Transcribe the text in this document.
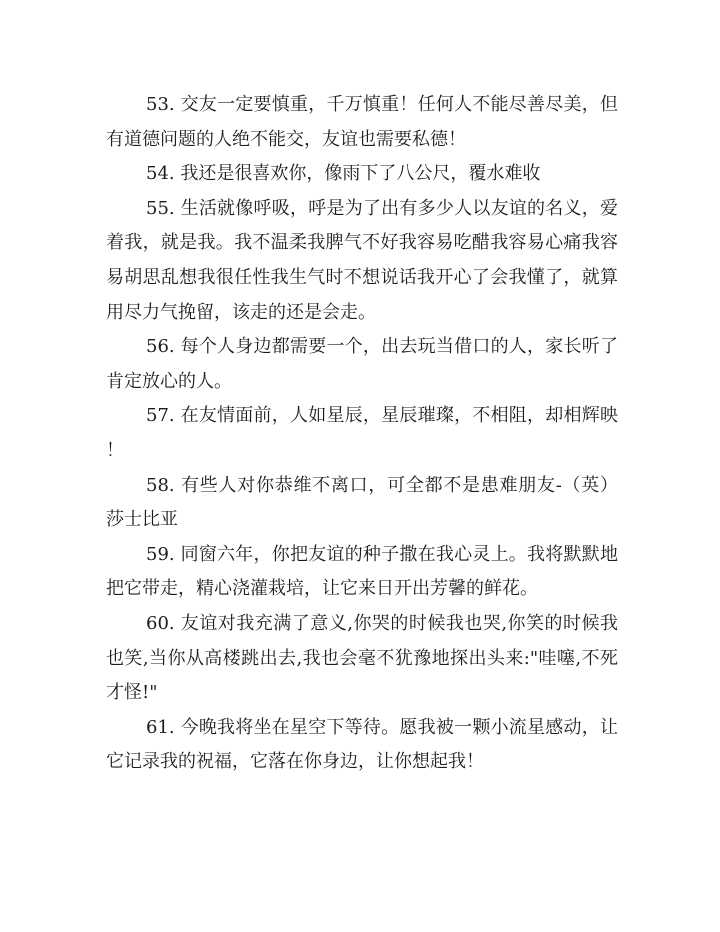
53. 交友一定要慎重，千万慎重！任何人不能尽善尽美，但有道德问题的人绝不能交，友谊也需要私德！

54. 我还是很喜欢你，像雨下了八公尺，覆水难收

55. 生活就像呼吸，呼是为了出有多少人以友谊的名义，爱着我，就是我。我不温柔我脾气不好我容易吃醋我容易心痛我容易胡思乱想我很任性我生气时不想说话我开心了会我懂了，就算用尽力气挽留，该走的还是会走。

56. 每个人身边都需要一个，出去玩当借口的人，家长听了肯定放心的人。

57. 在友情面前，人如星辰，星辰璀璨，不相阻，却相辉映！

58. 有些人对你恭维不离口，可全都不是患难朋友-（英）莎士比亚

59. 同窗六年，你把友谊的种子撒在我心灵上。我将默默地把它带走，精心浇灌栽培，让它来日开出芳馨的鲜花。

60. 友谊对我充满了意义,你哭的时候我也哭,你笑的时候我也笑,当你从高楼跳出去,我也会毫不犹豫地探出头来:"哇噻,不死才怪!"

61. 今晚我将坐在星空下等待。愿我被一颗小流星感动，让它记录我的祝福，它落在你身边，让你想起我！
